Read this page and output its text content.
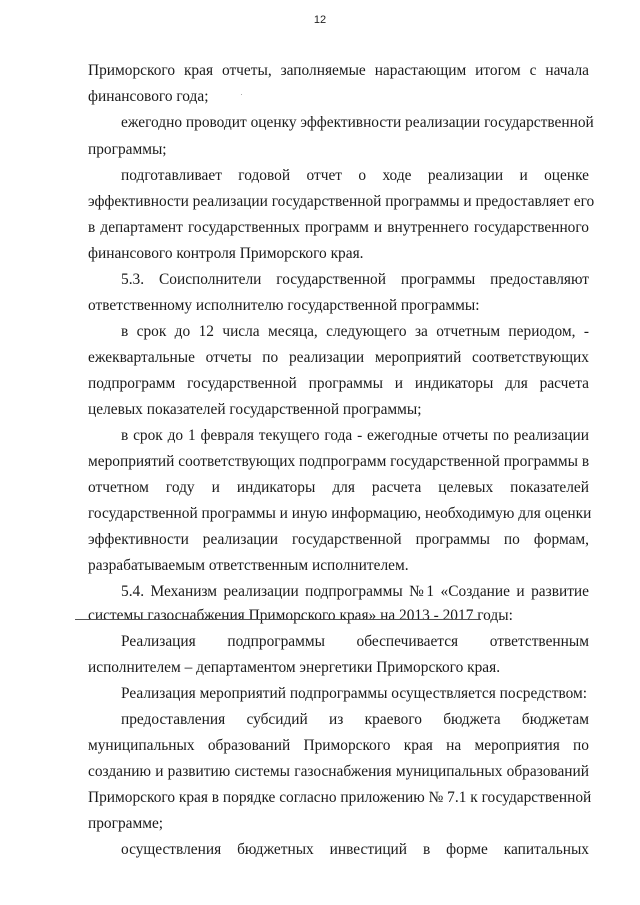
12
Приморского края отчеты, заполняемые нарастающим итогом с начала
финансового года;
ежегодно проводит оценку эффективности реализации государственной
программы;
подготавливает годовой отчет о ходе реализации и оценке
эффективности реализации государственной программы и предоставляет его
в департамент государственных программ и внутреннего государственного
финансового контроля Приморского края.
5.3. Соисполнители государственной программы предоставляют
ответственному исполнителю государственной программы:
в срок до 12 числа месяца, следующего за отчетным периодом, -
ежеквартальные отчеты по реализации мероприятий соответствующих
подпрограмм государственной программы и индикаторы для расчета
целевых показателей государственной программы;
в срок до 1 февраля текущего года - ежегодные отчеты по реализации
мероприятий соответствующих подпрограмм государственной программы в
отчетном году и индикаторы для расчета целевых показателей
государственной программы и иную информацию, необходимую для оценки
эффективности реализации государственной программы по формам,
разрабатываемым ответственным исполнителем.
5.4. Механизм реализации подпрограммы №1 «Создание и развитие
системы газоснабжения Приморского края» на 2013 - 2017 годы:
Реализация подпрограммы обеспечивается ответственным
исполнителем – департаментом энергетики Приморского края.
Реализация мероприятий подпрограммы осуществляется посредством:
предоставления субсидий из краевого бюджета бюджетам
муниципальных образований Приморского края на мероприятия по
созданию и развитию системы газоснабжения муниципальных образований
Приморского края в порядке согласно приложению № 7.1 к государственной
программе;
осуществления бюджетных инвестиций в форме капитальных
